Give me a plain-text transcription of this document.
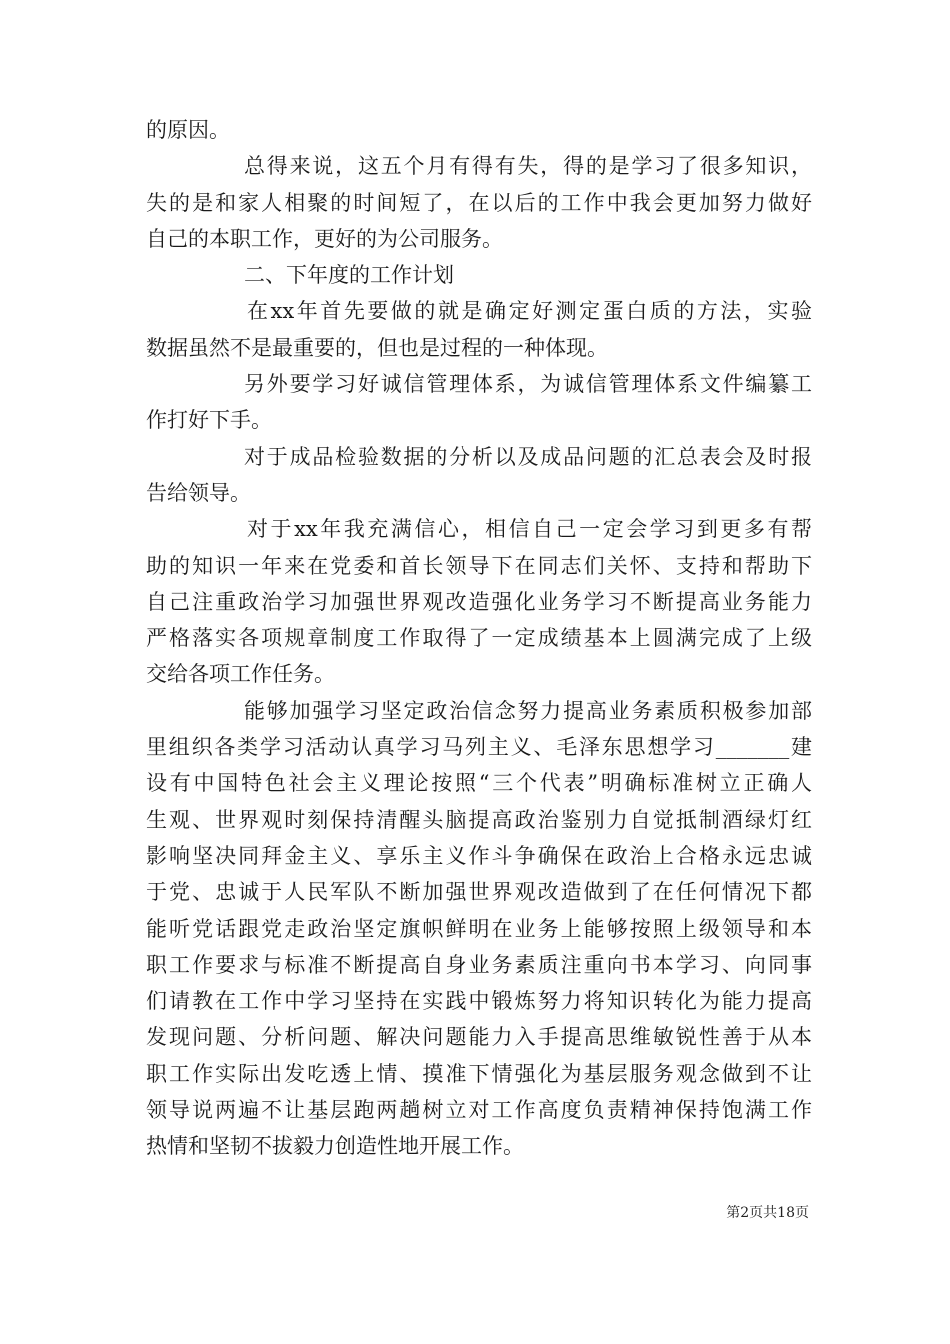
的原因。

总得来说，这五个月有得有失，得的是学习了很多知识，
失的是和家人相聚的时间短了，在以后的工作中我会更加努力做好
自己的本职工作，更好的为公司服务。

二、下年度的工作计划

在xx年首先要做的就是确定好测定蛋白质的方法，实验
数据虽然不是最重要的，但也是过程的一种体现。

另外要学习好诚信管理体系，为诚信管理体系文件编纂工
作打好下手。

对于成品检验数据的分析以及成品问题的汇总表会及时报
告给领导。

对于xx年我充满信心，相信自己一定会学习到更多有帮
助的知识一年来在党委和首长领导下在同志们关怀、支持和帮助下
自己注重政治学习加强世界观改造强化业务学习不断提高业务能力
严格落实各项规章制度工作取得了一定成绩基本上圆满完成了上级
交给各项工作任务。

能够加强学习坚定政治信念努力提高业务素质积极参加部
里组织各类学习活动认真学习马列主义、毛泽东思想学习_______建
设有中国特色社会主义理论按照“三个代表”明确标准树立正确人
生观、世界观时刻保持清醒头脑提高政治鉴别力自觉抵制酒绿灯红
影响坚决同拜金主义、享乐主义作斗争确保在政治上合格永远忠诚
于党、忠诚于人民军队不断加强世界观改造做到了在任何情况下都
能听党话跟党走政治坚定旗帜鲜明在业务上能够按照上级领导和本
职工作要求与标准不断提高自身业务素质注重向书本学习、向同事
们请教在工作中学习坚持在实践中锻炼努力将知识转化为能力提高
发现问题、分析问题、解决问题能力入手提高思维敏锐性善于从本
职工作实际出发吃透上情、摸准下情强化为基层服务观念做到不让
领导说两遍不让基层跑两趟树立对工作高度负责精神保持饱满工作
热情和坚韧不拔毅力创造性地开展工作。

第2页共18页
